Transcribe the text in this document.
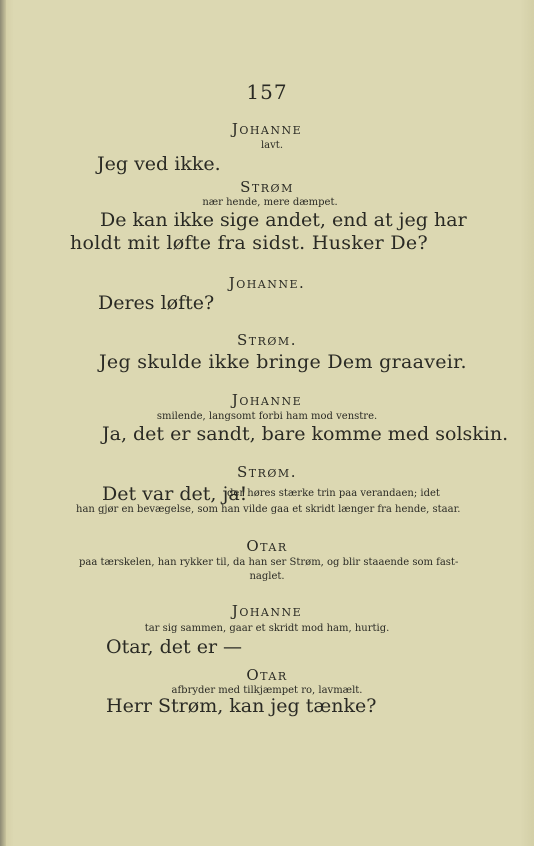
157
Johanne
lavt.
Jeg ved ikke.
Strøm
nær hende, mere dæmpet.
De kan ikke sige andet, end at jeg har
holdt mit løfte fra sidst. Husker De?
Johanne.
Deres løfte?
Strøm.
Jeg skulde ikke bringe Dem graaveir.
Johanne
smilende, langsomt forbi ham mod venstre.
Ja, det er sandt, bare komme med solskin.
Strøm.
Det var det, ja!
der høres stærke trin paa verandaen; idet
han gjør en bevægelse, som han vilde gaa et skridt længer fra hende, staar.
Otar
paa tærskelen, han rykker til, da han ser Strøm, og blir staaende som fast-
naglet.
Johanne
tar sig sammen, gaar et skridt mod ham, hurtig.
Otar, det er —
Otar
afbryder med tilkjæmpet ro, lavmælt.
Herr Strøm, kan jeg tænke?
